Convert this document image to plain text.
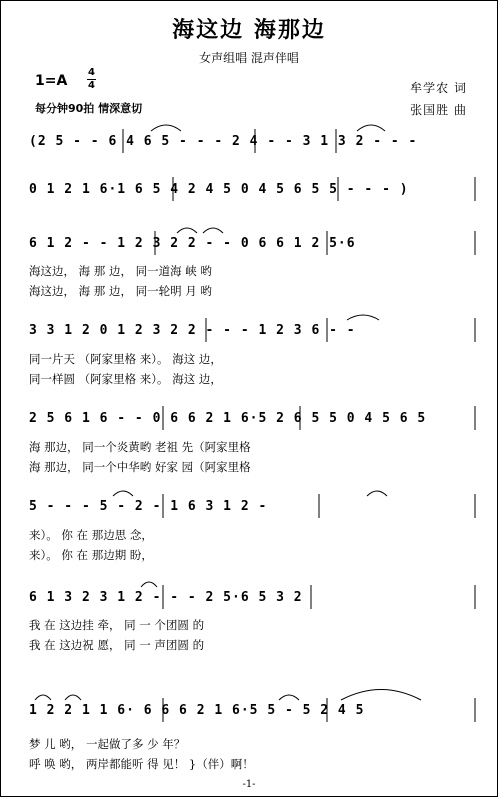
海这边 海那边
女声组唱 混声伴唱
1=A
4
4
每分钟90拍 情深意切
牟学农 词
张国胜 曲
(2 5 - - 6 4 6 5 - - - 2 4 - - 3 1 3 2 - - -
0 1 2 1 6·1 6 5 4 2 4 5 0 4 5 6 5 5 - - - )
6 1 2 - - 1 2 3 2 2 - - 0 6 6 1 2 5·6
海这边， 海 那 边， 同一道海 峡 哟
海这边， 海 那 边， 同一轮明 月 哟
3 3 1 2 0 1 2 3 2 2 - - - 1 2 3 6 - -
同一片天 （阿家里格 来）。 海这 边，
同一样圆 （阿家里格 来）。 海这 边，
2 5 6 1 6 - - 0 6 6 2 1 6·5 2 6 5 5 0 4 5 6 5
海 那边， 同一个炎黄哟 老祖 先（阿家里格
海 那边， 同一个中华哟 好家 园（阿家里格
5 - - - 5 - 2 - 1 6 3 1 2 -
来）。 你 在 那边思 念，
来）。 你 在 那边期 盼，
6 1 3 2 3 1 2 - - - 2 5·6 5 3 2
我 在 这边挂 牵， 同 一 个团圆 的
我 在 这边祝 愿， 同 一 声团圆 的
1 2 2 1 1 6· 6 6 6 2 1 6·5 5 - 5 2 4 5
梦 儿 哟， 一起做了多 少 年？
呼 唤 哟， 两岸都能听 得 见！ }（伴）啊！
-1-
